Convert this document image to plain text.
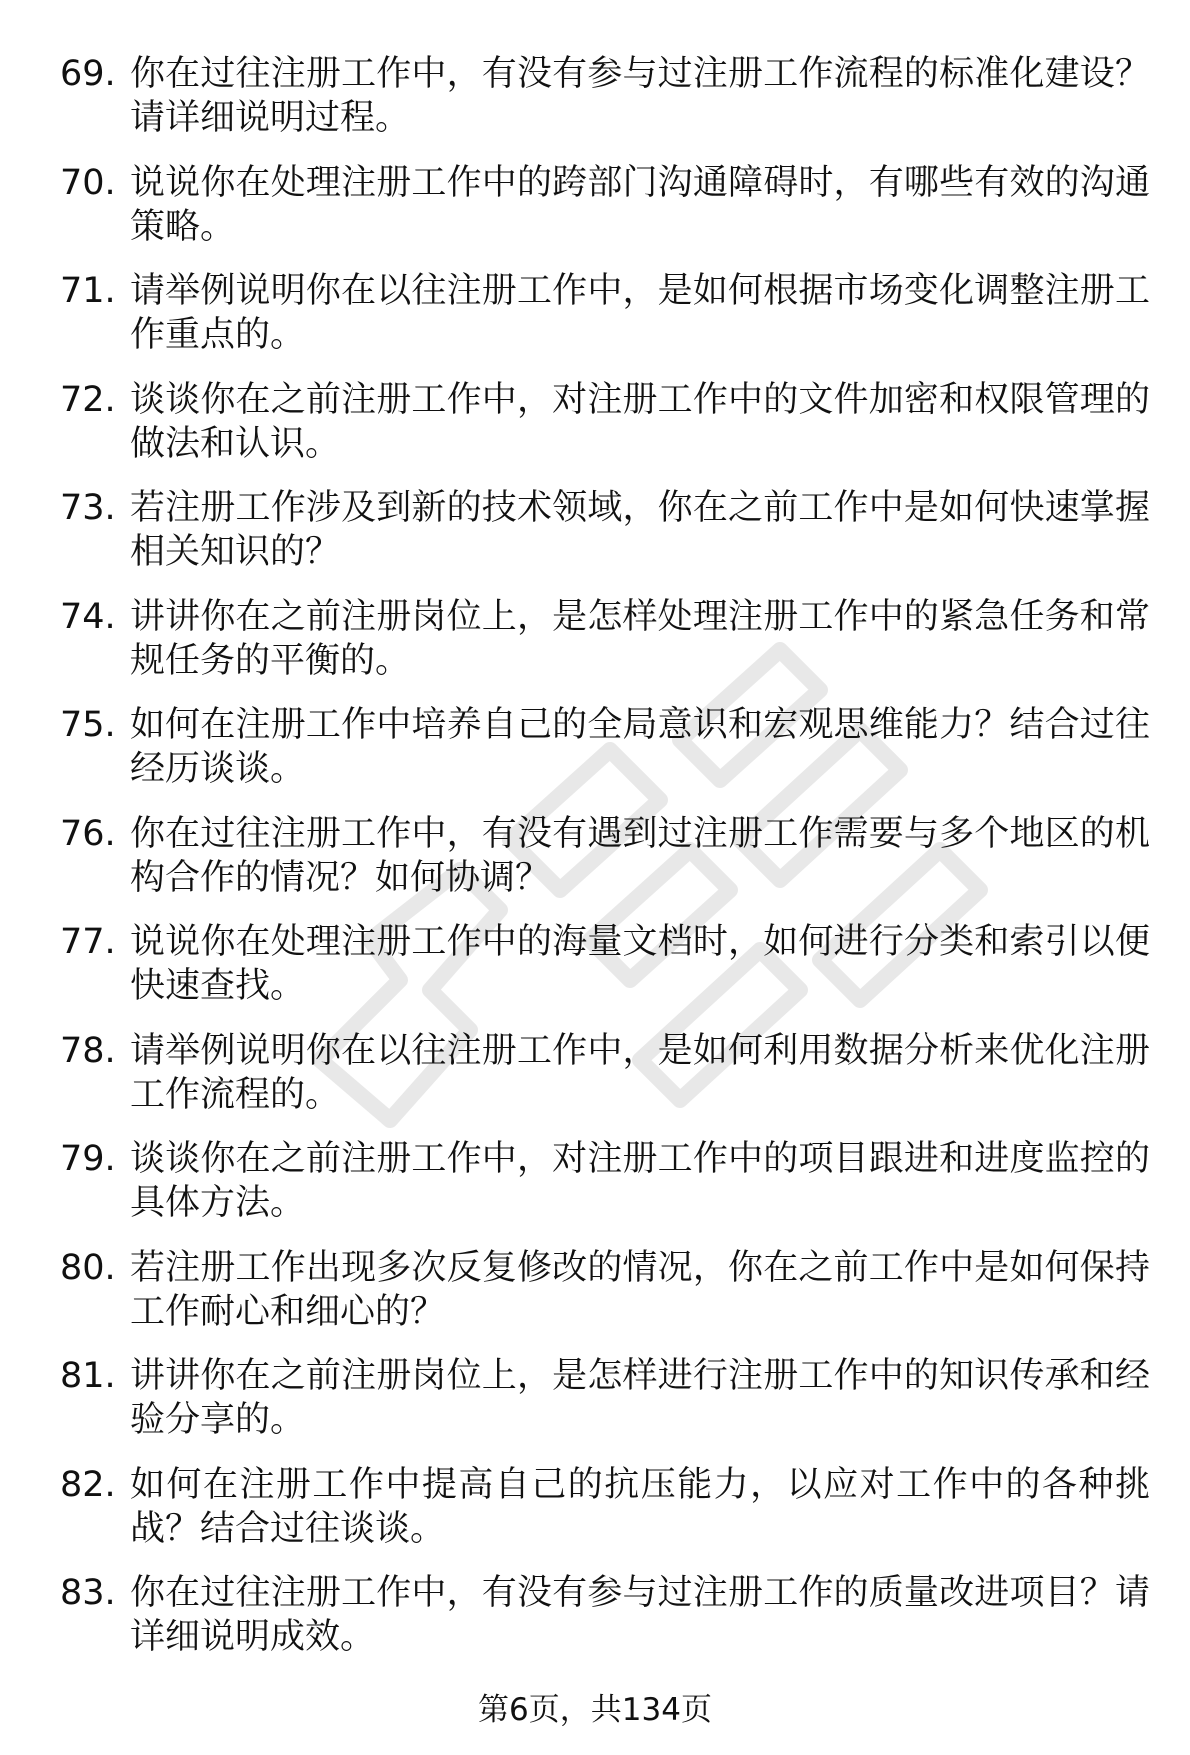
69. 你在过往注册工作中，有没有参与过注册工作流程的标准化建设？请详细说明过程。
70. 说说你在处理注册工作中的跨部门沟通障碍时，有哪些有效的沟通策略。
71. 请举例说明你在以往注册工作中，是如何根据市场变化调整注册工作重点的。
72. 谈谈你在之前注册工作中，对注册工作中的文件加密和权限管理的做法和认识。
73. 若注册工作涉及到新的技术领域，你在之前工作中是如何快速掌握相关知识的？
74. 讲讲你在之前注册岗位上，是怎样处理注册工作中的紧急任务和常规任务的平衡的。
75. 如何在注册工作中培养自己的全局意识和宏观思维能力？结合过往经历谈谈。
76. 你在过往注册工作中，有没有遇到过注册工作需要与多个地区的机构合作的情况？如何协调？
77. 说说你在处理注册工作中的海量文档时，如何进行分类和索引以便快速查找。
78. 请举例说明你在以往注册工作中，是如何利用数据分析来优化注册工作流程的。
79. 谈谈你在之前注册工作中，对注册工作中的项目跟进和进度监控的具体方法。
80. 若注册工作出现多次反复修改的情况，你在之前工作中是如何保持工作耐心和细心的？
81. 讲讲你在之前注册岗位上，是怎样进行注册工作中的知识传承和经验分享的。
82. 如何在注册工作中提高自己的抗压能力，以应对工作中的各种挑战？结合过往谈谈。
83. 你在过往注册工作中，有没有参与过注册工作的质量改进项目？请详细说明成效。
第6页，共134页
